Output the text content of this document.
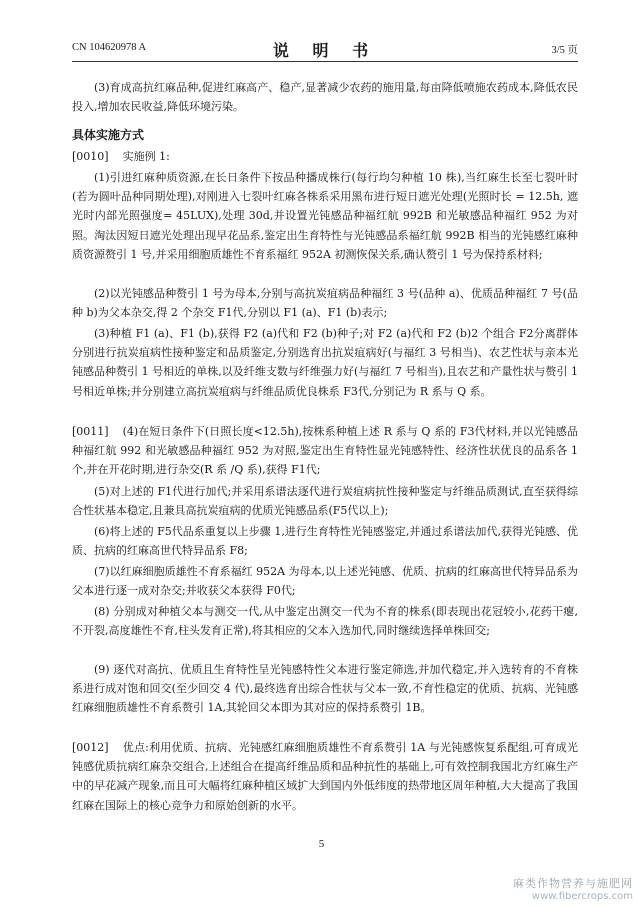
CN 104620978 A	说 明 书	3/5 页

(3)育成高抗红麻品种,促进红麻高产、稳产,显著减少农药的施用量,每亩降低喷施农药成本,降低农民投入,增加农民收益,降低环境污染。

具体实施方式

[0010] 实施例 1:

(1)引进红麻种质资源,在长日条件下按品种播成株行(每行均匀种植 10 株),当红麻生长至七裂叶时(若为圆叶品种同期处理),对刚进入七裂叶红麻各株系采用黑布进行短日遮光处理(光照时长 = 12.5h, 遮光时内部光照强度= 45LUX),处理 30d,并设置光钝感品种福红航 992B 和光敏感品种福红 952 为对照。淘汰因短日遮光处理出现早花品系,鉴定出生育特性与光钝感品系福红航 992B 相当的光钝感红麻种质资源赘引 1 号,并采用细胞质雄性不育系福红 952A 初测恢保关系,确认赘引 1 号为保持系材料;

(2)以光钝感品种赘引 1 号为母本,分别与高抗炭疽病品种福红 3 号(品种 a)、优质品种福红 7 号(品种 b)为父本杂交,得 2 个杂交 F1代,分别以 F1 (a)、F1 (b)表示;

(3)种植 F1 (a)、F1 (b),获得 F2 (a)代和 F2 (b)种子;对 F2 (a)代和 F2 (b)2 个组合 F2分离群体分别进行抗炭疽病性接种鉴定和品质鉴定,分别选育出抗炭疽病好(与福红 3 号相当)、农艺性状与亲本光钝感品种赘引 1 号相近的单株,以及纤维支数与纤维强力好(与福红 7 号相当),且农艺和产量性状与赘引 1 号相近单株;并分别建立高抗炭疽病与纤维品质优良株系 F3代,分别记为 R 系与 Q 系。

[0011] (4)在短日条件下(日照长度<12.5h),按株系种植上述 R 系与 Q 系的 F3代材料,并以光钝感品种福红航 992 和光敏感品种福红 952 为对照,鉴定出生育特性显光钝感特性、经济性状优良的品系各 1 个,并在开花时期,进行杂交(R 系 /Q 系),获得 F1代;

(5)对上述的 F1代进行加代;并采用系谱法逐代进行炭疽病抗性接种鉴定与纤维品质测试,直至获得综合性状基本稳定,且兼具高抗炭疽病的优质光钝感品系(F5代以上);

(6)将上述的 F5代品系重复以上步骤 1,进行生育特性光钝感鉴定,并通过系谱法加代,获得光钝感、优质、抗病的红麻高世代特异品系 F8;

(7)以红麻细胞质雄性不育系福红 952A 为母本,以上述光钝感、优质、抗病的红麻高世代特异品系为父本进行逐一成对杂交;并收获父本获得 F0代;

(8) 分别成对种植父本与测交一代,从中鉴定出测交一代为不育的株系(即表现出花冠较小,花药干瘪,不开裂,高度雄性不育,柱头发育正常),将其相应的父本入选加代,同时继续选择单株回交;

(9) 逐代对高抗、优质且生育特性呈光钝感特性父本进行鉴定筛选,并加代稳定,并入选转育的不育株系进行成对饱和回交(至少回交 4 代),最终选育出综合性状与父本一致,不育性稳定的优质、抗病、光钝感红麻细胞质雄性不育系赘引 1A,其轮回父本即为其对应的保持系赘引 1B。

[0012] 优点:利用优质、抗病、光钝感红麻细胞质雄性不育系赘引 1A 与光钝感恢复系配组,可育成光钝感优质抗病红麻杂交组合,上述组合在提高纤维品质和品种抗性的基础上,可有效控制我国北方红麻生产中的早花减产现象,而且可大幅将红麻种植区域扩大到国内外低纬度的热带地区周年种植,大大提高了我国红麻在国际上的核心竞争力和原始创新的水平。

5
麻类作物营养与施肥网
www.fibercrops.com
